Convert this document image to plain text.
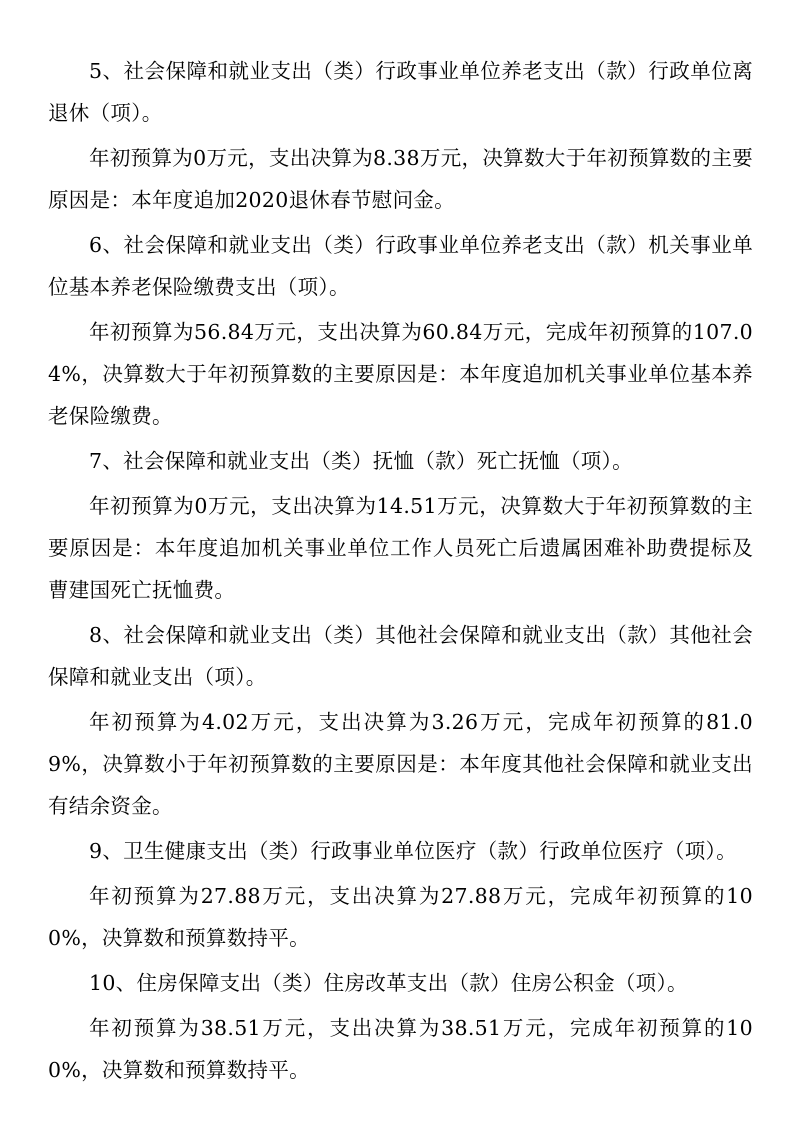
5、社会保障和就业支出（类）行政事业单位养老支出（款）行政单位离退休（项）。

年初预算为0万元，支出决算为8.38万元，决算数大于年初预算数的主要原因是：本年度追加2020退休春节慰问金。

6、社会保障和就业支出（类）行政事业单位养老支出（款）机关事业单位基本养老保险缴费支出（项）。

年初预算为56.84万元，支出决算为60.84万元，完成年初预算的107.04%，决算数大于年初预算数的主要原因是：本年度追加机关事业单位基本养老保险缴费。

7、社会保障和就业支出（类）抚恤（款）死亡抚恤（项）。

年初预算为0万元，支出决算为14.51万元，决算数大于年初预算数的主要原因是：本年度追加机关事业单位工作人员死亡后遗属困难补助费提标及曹建国死亡抚恤费。

8、社会保障和就业支出（类）其他社会保障和就业支出（款）其他社会保障和就业支出（项）。

年初预算为4.02万元，支出决算为3.26万元，完成年初预算的81.09%，决算数小于年初预算数的主要原因是：本年度其他社会保障和就业支出有结余资金。

9、卫生健康支出（类）行政事业单位医疗（款）行政单位医疗（项）。

年初预算为27.88万元，支出决算为27.88万元，完成年初预算的100%，决算数和预算数持平。

10、住房保障支出（类）住房改革支出（款）住房公积金（项）。

年初预算为38.51万元，支出决算为38.51万元，完成年初预算的100%，决算数和预算数持平。
